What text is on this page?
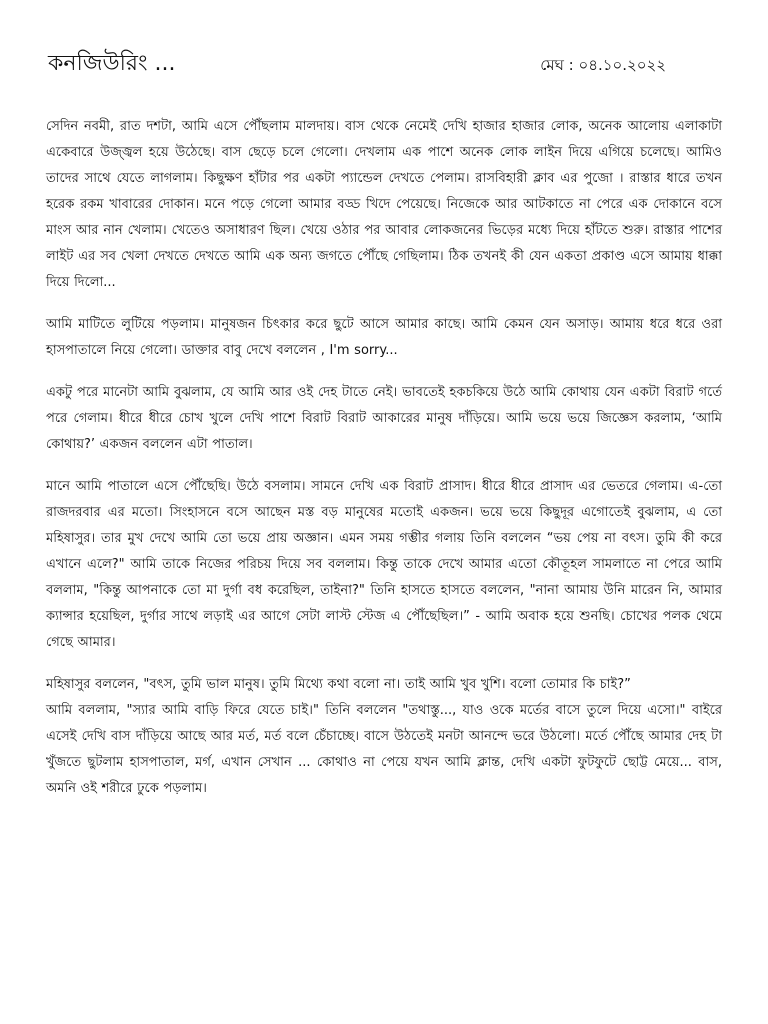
কনজিউরিং ...	মেঘ : ০৪.১০.২০২২

সেদিন নবমী, রাত দশটা, আমি এসে পৌঁছলাম মালদায়। বাস থেকে নেমেই দেখি হাজার হাজার লোক, অনেক আলোয় এলাকাটা একেবারে উজ্জ্বল হয়ে উঠেছে। বাস ছেড়ে চলে গেলো। দেখলাম এক পাশে অনেক লোক লাইন দিয়ে এগিয়ে চলেছে। আমিও তাদের সাথে যেতে লাগলাম। কিছুক্ষণ হাঁটার পর একটা প্যান্ডেল দেখতে পেলাম। রাসবিহারী ক্লাব এর পুজো । রাস্তার ধারে তখন হরেক রকম খাবারের দোকান। মনে পড়ে গেলো আমার বড্ড খিদে পেয়েছে। নিজেকে আর আটকাতে না পেরে এক দোকানে বসে মাংস আর নান খেলাম। খেতেও অসাধারণ ছিল। খেয়ে ওঠার পর আবার লোকজনের ভিড়ের মধ্যে দিয়ে হাঁটতে শুরু। রাস্তার পাশের লাইট এর সব খেলা দেখতে দেখতে আমি এক অন্য জগতে পৌঁছে গেছিলাম। ঠিক তখনই কী যেন একতা প্রকাণ্ড এসে আমায় ধাক্কা দিয়ে দিলো...

আমি মাটিতে লুটিয়ে পড়লাম। মানুষজন চিৎকার করে ছুটে আসে আমার কাছে। আমি কেমন যেন অসাড়। আমায় ধরে ধরে ওরা হাসপাতালে নিয়ে গেলো। ডাক্তার বাবু দেখে বললেন , I'm sorry...

একটু পরে মানেটা আমি বুঝলাম, যে আমি আর ওই দেহ টাতে নেই। ভাবতেই হকচকিয়ে উঠে আমি কোথায় যেন একটা বিরাট গর্তে পরে গেলাম। ধীরে ধীরে চোখ খুলে দেখি পাশে বিরাট বিরাট আকারের মানুষ দাঁড়িয়ে। আমি ভয়ে ভয়ে জিজ্ঞেস করলাম, ‘আমি কোথায়?’ একজন বললেন এটা পাতাল।

মানে আমি পাতালে এসে পৌঁছেছি। উঠে বসলাম। সামনে দেখি এক বিরাট প্রাসাদ। ধীরে ধীরে প্রাসাদ এর ভেতরে গেলাম। এ-তো রাজদরবার এর মতো। সিংহাসনে বসে আছেন মস্ত বড় মানুষের মতোই একজন। ভয়ে ভয়ে কিছুদূর এগোতেই বুঝলাম, এ তো মহিষাসুর। তার মুখ দেখে আমি তো ভয়ে প্রায় অজ্ঞান। এমন সময় গম্ভীর গলায় তিনি বললেন “ভয় পেয় না বৎস। তুমি কী করে এখানে এলে?" আমি তাকে নিজের পরিচয় দিয়ে সব বললাম। কিন্তু তাকে দেখে আমার এতো কৌতূহল সামলাতে না পেরে আমি বললাম, "কিন্তু আপনাকে তো মা দুর্গা বধ করেছিল, তাইনা?" তিনি হাসতে হাসতে বললেন, "নানা আমায় উনি মারেন নি, আমার ক্যান্সার হয়েছিল, দুর্গার সাথে লড়াই এর আগে সেটা লাস্ট স্টেজ এ পৌঁছেছিল।” - আমি অবাক হয়ে শুনছি। চোখের পলক থেমে গেছে আমার।

মহিষাসুর বললেন, "বৎস, তুমি ভাল মানুষ। তুমি মিথ্যে কথা বলো না। তাই আমি খুব খুশি। বলো তোমার কি চাই?”

আমি বললাম, "স্যার আমি বাড়ি ফিরে যেতে চাই।" তিনি বললেন "তথাস্তু..., যাও ওকে মর্তের বাসে তুলে দিয়ে এসো।" বাইরে এসেই দেখি বাস দাঁড়িয়ে আছে আর মর্ত, মর্ত বলে চেঁচাচ্ছে। বাসে উঠতেই মনটা আনন্দে ভরে উঠলো। মর্তে পৌঁছে আমার দেহ টা খুঁজতে ছুটলাম হাসপাতাল, মর্গ, এখান সেখান ... কোথাও না পেয়ে যখন আমি ক্লান্ত, দেখি একটা ফুটফুটে ছোট্ট মেয়ে... বাস, অমনি ওই শরীরে ঢুকে পড়লাম।
